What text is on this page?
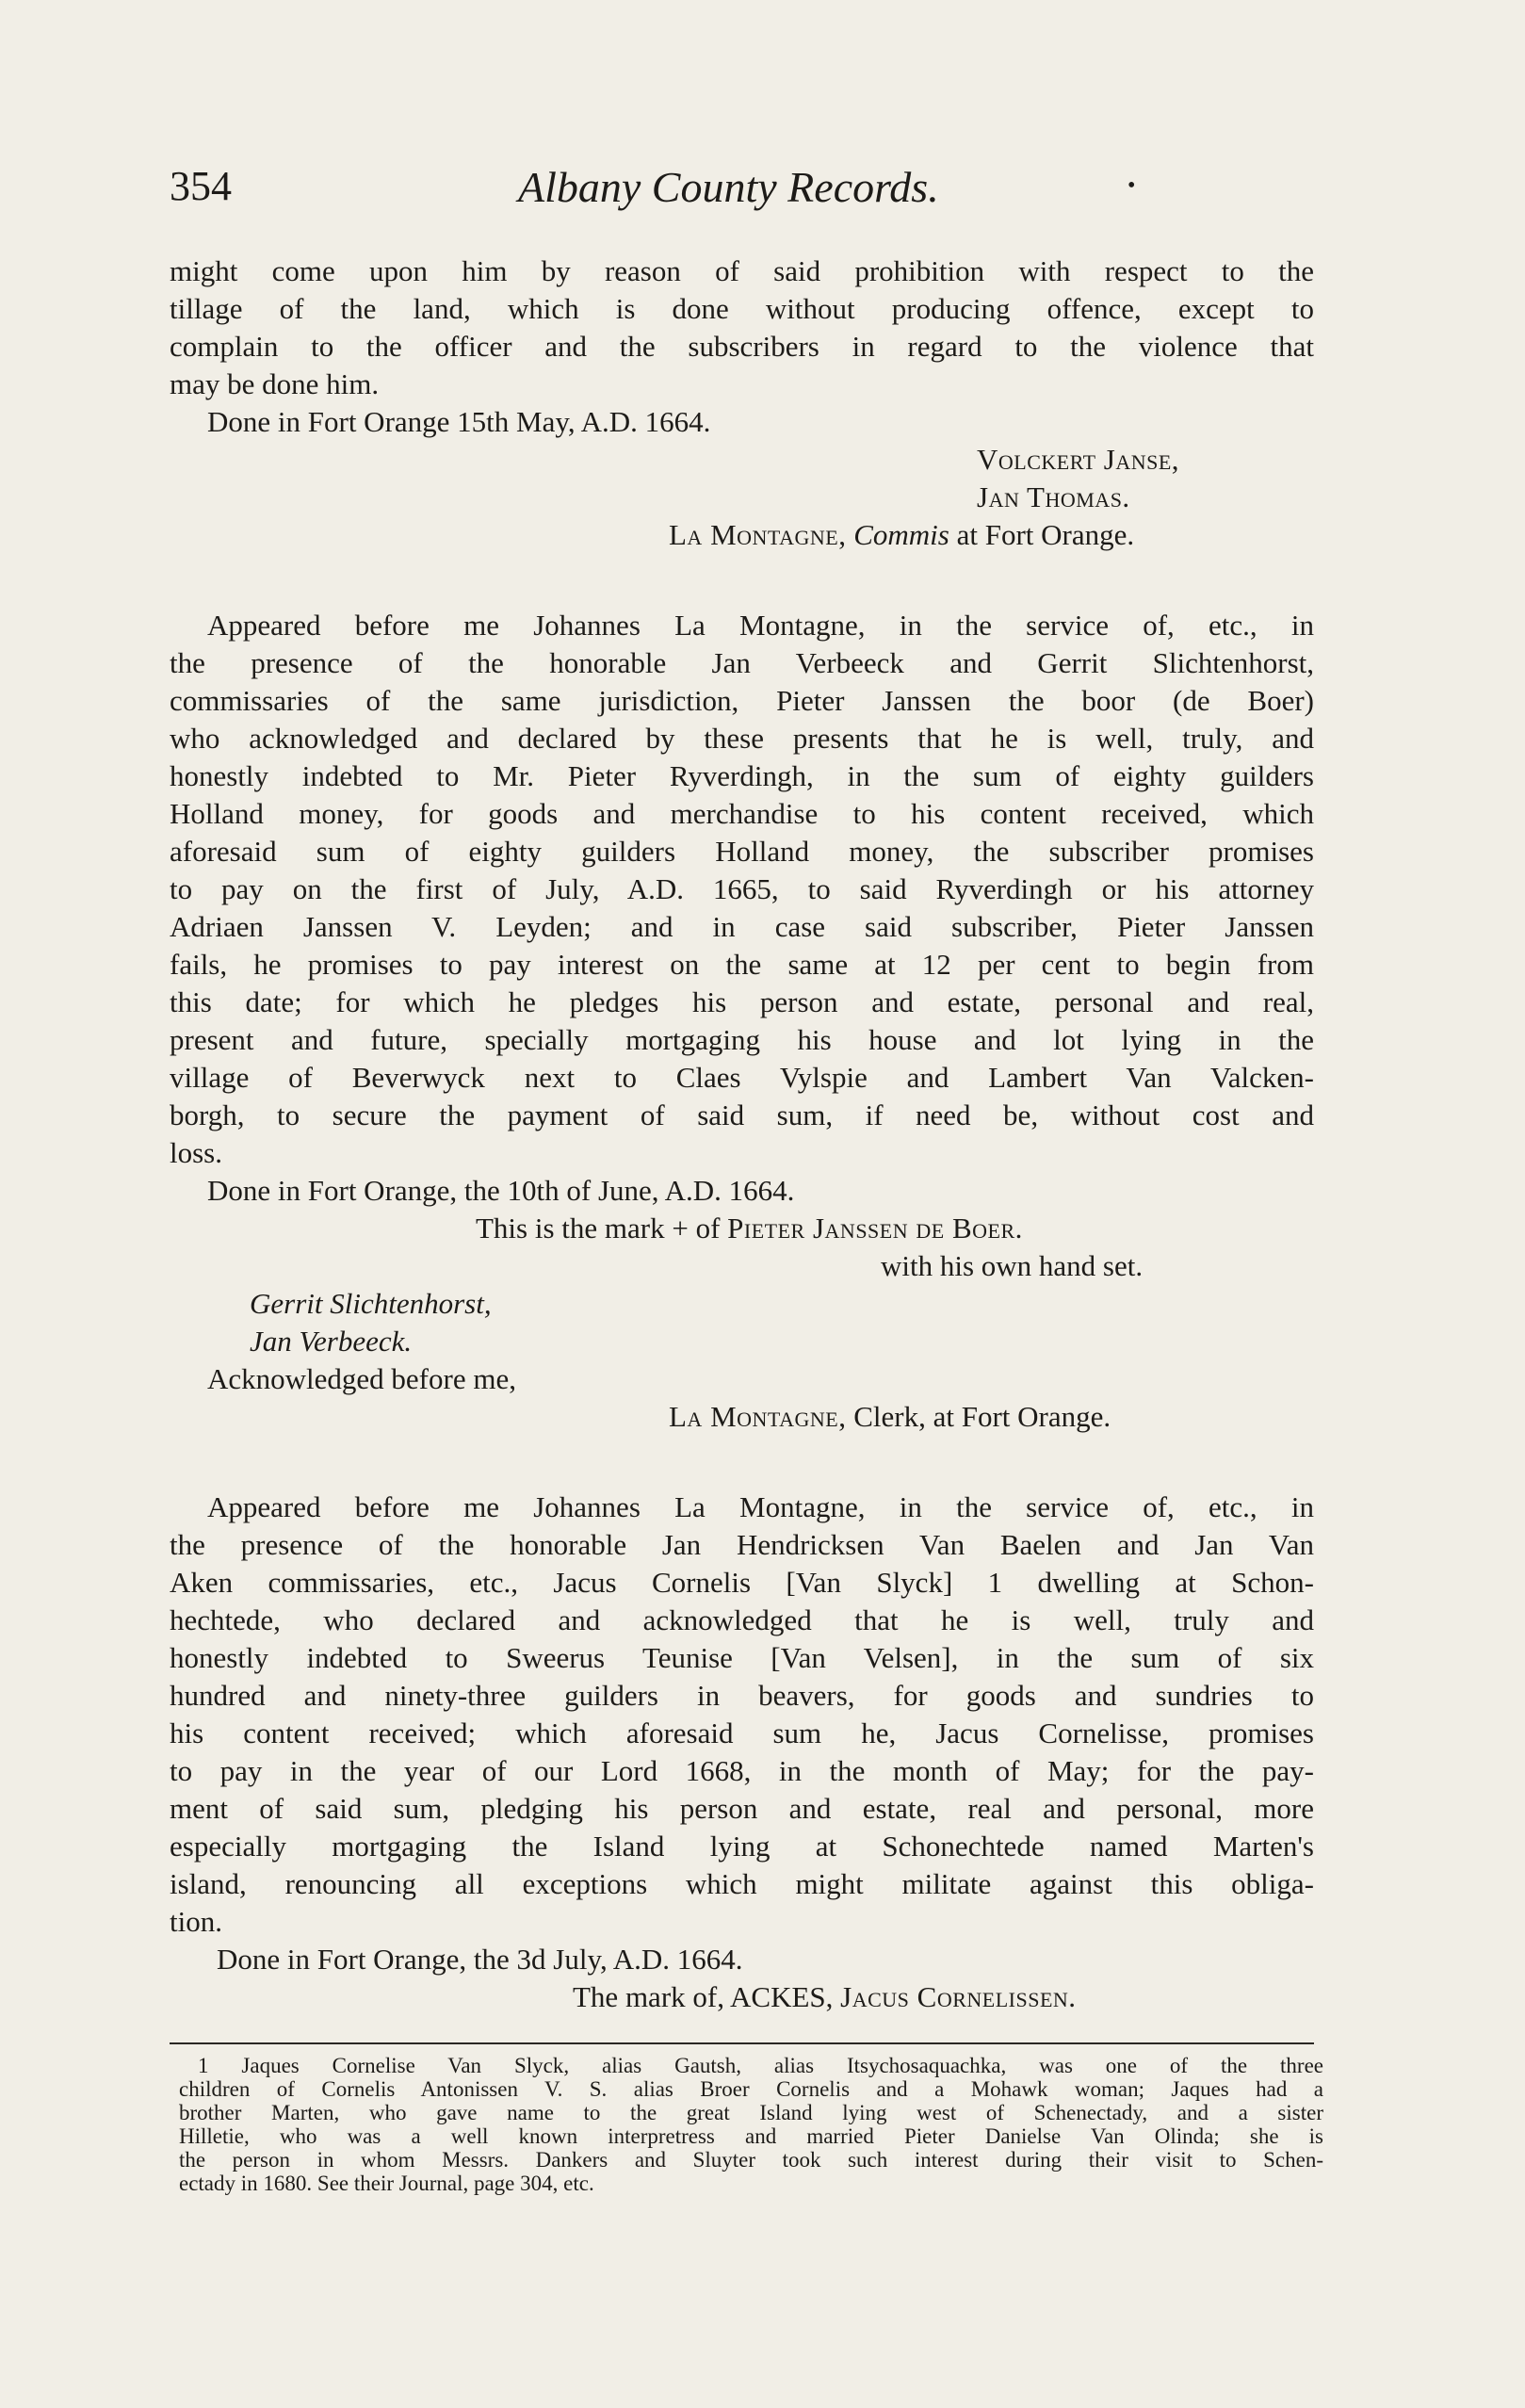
354	Albany County Records.	•
might come upon him by reason of said prohibition with respect to the
tillage of the land, which is done without producing offence, except to
complain to the officer and the subscribers in regard to the violence that
may be done him.
Done in Fort Orange 15th May, A.D. 1664.
Volckert Janse,
Jan Thomas.
La Montagne, Commis at Fort Orange.
Appeared before me Johannes La Montagne, in the service of, etc., in
the presence of the honorable Jan Verbeeck and Gerrit Slichtenhorst,
commissaries of the same jurisdiction, Pieter Janssen the boor (de Boer)
who acknowledged and declared by these presents that he is well, truly, and
honestly indebted to Mr. Pieter Ryverdingh, in the sum of eighty guilders
Holland money, for goods and merchandise to his content received, which
aforesaid sum of eighty guilders Holland money, the subscriber promises
to pay on the first of July, A.D. 1665, to said Ryverdingh or his attorney
Adriaen Janssen V. Leyden; and in case said subscriber, Pieter Janssen
fails, he promises to pay interest on the same at 12 per cent to begin from
this date; for which he pledges his person and estate, personal and real,
present and future, specially mortgaging his house and lot lying in the
village of Beverwyck next to Claes Vylspie and Lambert Van Valcken-
borgh, to secure the payment of said sum, if need be, without cost and
loss.
Done in Fort Orange, the 10th of June, A.D. 1664.
This is the mark + of Pieter Janssen de Boer.
with his own hand set.
Gerrit Slichtenhorst,
Jan Verbeeck.
Acknowledged before me,
La Montagne, Clerk, at Fort Orange.
Appeared before me Johannes La Montagne, in the service of, etc., in
the presence of the honorable Jan Hendricksen Van Baelen and Jan Van
Aken commissaries, etc., Jacus Cornelis [Van Slyck] 1 dwelling at Schon-
hechtede, who declared and acknowledged that he is well, truly and
honestly indebted to Sweerus Teunise [Van Velsen], in the sum of six
hundred and ninety-three guilders in beavers, for goods and sundries to
his content received; which aforesaid sum he, Jacus Cornelisse, promises
to pay in the year of our Lord 1668, in the month of May; for the pay-
ment of said sum, pledging his person and estate, real and personal, more
especially mortgaging the Island lying at Schonechtede named Marten's
island, renouncing all exceptions which might militate against this obliga-
tion.
Done in Fort Orange, the 3d July, A.D. 1664.
The mark of, ACKES, Jacus Cornelissen.
1 Jaques Cornelise Van Slyck, alias Gautsh, alias Itsychosaquachka, was one of the three
children of Cornelis Antonissen V. S. alias Broer Cornelis and a Mohawk woman; Jaques had a
brother Marten, who gave name to the great Island lying west of Schenectady, and a sister
Hilletie, who was a well known interpretress and married Pieter Danielse Van Olinda; she is
the person in whom Messrs. Dankers and Sluyter took such interest during their visit to Schen-
ectady in 1680. See their Journal, page 304, etc.
